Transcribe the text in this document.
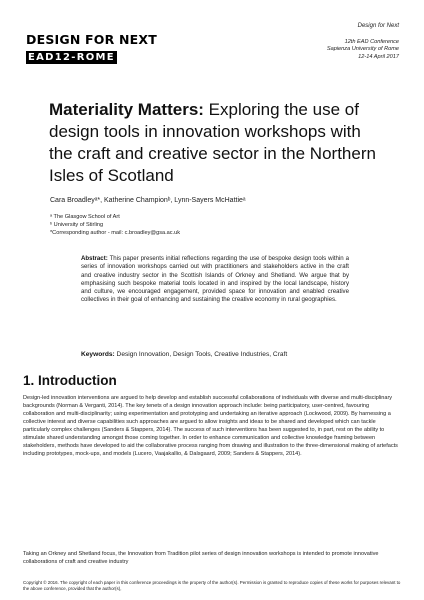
DESIGN FOR NEXT
EAD12-ROME
Design for Next
12th EAD Conference
Sapienza University of Rome
12-14 April 2017
Materiality Matters: Exploring the use of design tools in innovation workshops with the craft and creative sector in the Northern Isles of Scotland
Cara Broadleyᵃ*, Katherine Championᵇ, Lynn-Sayers McHattieᵃ
ᵃ The Glasgow School of Art
ᵇ University of Stirling
*Corresponding author - mail: c.broadley@gsa.ac.uk
Abstract: This paper presents initial reflections regarding the use of bespoke design tools within a series of innovation workshops carried out with practitioners and stakeholders active in the craft and creative industry sector in the Scottish Islands of Orkney and Shetland. We argue that by emphasising such bespoke material tools located in and inspired by the local landscape, history and culture, we encouraged engagement, provided space for innovation and enabled creative collectives in their goal of enhancing and sustaining the creative economy in rural geographies.
Keywords: Design Innovation, Design Tools, Creative Industries, Craft
1. Introduction

Design-led innovation interventions are argued to help develop and establish successful collaborations of individuals with diverse and multi-disciplinary backgrounds (Norman & Verganti, 2014). The key tenets of a design innovation approach include: being participatory, user-centred, favouring collaboration and multi-disciplinarity; using experimentation and prototyping and undertaking an iterative approach (Lockwood, 2009). By harnessing a collective interest and diverse capabilities such approaches are argued to allow insights and ideas to be shared and developed which can tackle particularly complex challenges (Sanders & Stappers, 2014). The success of such interventions has been suggested to, in part, rest on the ability to stimulate shared understanding amongst those coming together. In order to enhance communication and collective knowledge framing between stakeholders, methods have developed to aid the collaborative process ranging from drawing and illustration to the three-dimensional making of artefacts including prototypes, mock-ups, and models (Lucero, Vaajakallio, & Dalsgaard, 2009; Sanders & Stappers, 2014).

Taking an Orkney and Shetland focus, the Innovation from Tradition pilot series of design innovation workshops is intended to promote innovative collaborations of craft and creative industry

Copyright © 2016. The copyright of each paper in this conference proceedings is the property of the author(s). Permission is granted to reproduce copies of these works for purposes relevant to the above conference, provided that the author(s),
